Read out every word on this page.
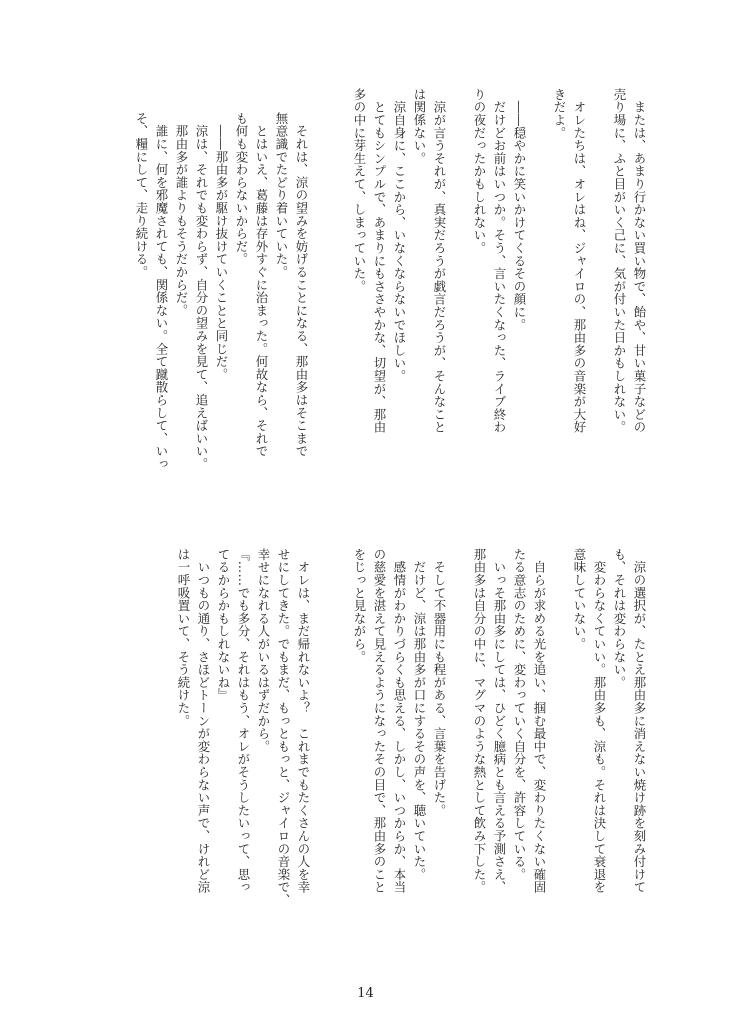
　または、あまり行かない買い物で、飴や、甘い菓子などの
売り場に、ふと目がいく己に、気が付いた日かもしれない。

　オレたちは、オレはね、ジャイロの、那由多の音楽が大好
きだよ。

　――穏やかに笑いかけてくるその顔に。
　だけどお前はいつか。そう、言いたくなった、ライブ終わ
りの夜だったかもしれない。

　涼が言うそれが、真実だろうが戯言だろうが、そんなこと
は関係ない。
　涼自身に、ここから、いなくならないでほしい。
　とてもシンプルで、あまりにもささやかな、切望が、那由
多の中に芽生えて、しまっていた。
　それは、涼の望みを妨げることになる、那由多はそこまで
無意識でたどり着いていた。
　とはいえ、葛藤は存外すぐに治まった。何故なら、それで
も何も変わらないからだ。
　――那由多が駆け抜けていくことと同じだ。
　涼は、それでも変わらず、自分の望みを見て、追えばいい。
　那由多が誰よりもそうだからだ。
　誰に、何を邪魔されても、関係ない。全て蹴散らして、いっ
そ、糧にして、走り続ける。
　涼の選択が、たとえ那由多に消えない焼け跡を刻み付けて
も、それは変わらない。
　変わらなくていい。那由多も、涼も。それは決して衰退を
意味していない。

　自らが求める光を追い、掴む最中で、変わりたくない確固
たる意志のために、変わっていく自分を、許容している。
　いっそ那由多にしては、ひどく臆病とも言える予測さえ、
那由多は自分の中に、マグマのような熱として飲み下した。

　そして不器用にも程がある、言葉を告げた。
　だけど、涼は那由多が口にするその声を、聴いていた。
　感情がわかりづらくも思える、しかし、いつからか、本当
の慈愛を湛えて見えるようになったその目で、那由多のこと
をじっと見ながら。
　オレは、まだ帰れないよ？　これまでもたくさんの人を幸
せにしてきた。でもまだ、もっともっと、ジャイロの音楽で、
幸せになれる人がいるはずだから。
『……でも多分、それはもう、オレがそうしたいって、思っ
てるからかもしれないね』
　いつもの通り、さほどトーンが変わらない声で、けれど涼
は一呼吸置いて、そう続けた。
14
